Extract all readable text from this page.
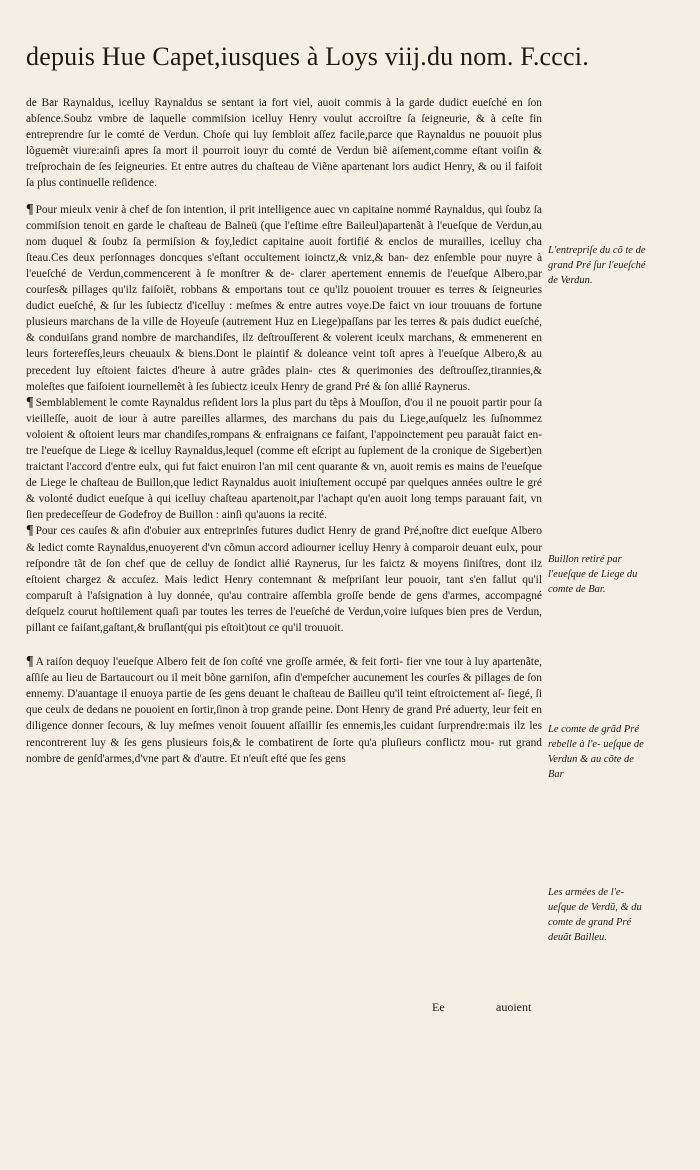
depuis Hue Capet,iusques à Loys viij.du nom. F.ccci.

de Bar Raynaldus, icelluy Raynaldus se sentant ia fort viel, auoit commis à la garde dudict eueſché en ſon abſence.Soubz vmbre de laquelle commiſsion icelluy Henry voulut accroiſtre ſa ſeigneurie, & à ceſte fin entreprendre ſur le comté de Verdun. Choſe qui luy ſembloit aſſez facile,parce que Raynaldus ne pouuoit plus lõguemẽt viure:ainſi apres ſa mort il pourroit iouyr du comté de Verdun biẽ aiſement,comme eſtant voiſin & treſprochain de ſes ſeigneuries. Et entre autres du chaſteau de Viẽne apartenant lors audict Henry, & ou il faiſoit ſa plus continuelle reſidence.

¶ Pour mieulx venir à chef de ſon intention, il prit intelligence auec vn capitaine nommé Raynaldus, qui ſoubz ſa commiſsion tenoit en garde le chaſteau de Balneü (que l'eſtime eſtre Baileul)apartenãt à l'eueſque de Verdun,au nom duquel & ſoubz ſa permiſsion & foy,ledict capitaine auoit fortifié & enclos de murailles, icelluy cha ſteau.Ces deux perſonnages doncques s'eſtant occultement ioinctz,& vniz,& ban- dez enſemble pour nuyre à l'eueſché de Verdun,commencerent à ſe monſtrer & de- clarer apertement ennemis de l'eueſque Albero,par courſes& pillages qu'ilz faiſoiẽt, robbans & emportans tout ce qu'ilz pouoient trouuer es terres & ſeigneuries dudict eueſché, & ſur les ſubiectz d'icelluy : meſmes & entre autres voye.De faict vn iour trouuans de fortune plusieurs marchans de la ville de Hoyeuſe (autrement Huz en Liege)paſſans par les terres & pais dudict eueſché, & conduiſans grand nombre de marchandiſes, ilz deſtrouſſerent & volerent iceulx marchans, & emmenerent en leurs forterefſes,leurs cheuaulx & biens.Dont le plaintif & doleance veint toſt apres à l'eueſque Albero,& au precedent luy eſtoient faictes d'heure à autre grãdes plain- ctes & querimonies des deſtrouſſez,tirannies,& moleſtes que faiſoient iournellemẽt à ſes ſubiectz iceulx Henry de grand Pré & ſon allié Raynerus.

¶ Semblablement le comte Raynaldus reſident lors la plus part du tẽps à Mouſſon, d'ou il ne pouoit partir pour ſa vieilleſſe, auoit de iour à autre pareilles allarmes, des marchans du pais du Liege,auſquelz les ſuſnommez voloient & oſtoient leurs mar chandiſes,rompans & enfraignans ce faiſant, l'appoinctement peu parauãt faict en- tre l'eueſque de Liege & icelluy Raynaldus,lequel (comme eſt eſcript au ſuplement de la cronique de Sigebert)en traictant l'accord d'entre eulx, qui fut faict enuiron l'an mil cent quarante & vn, auoit remis es mains de l'eueſque de Liege le chaſteau de Buillon,que ledict Raynaldus auoit iniuſtement occupé par quelques années oultre le gré & volonté dudict eueſque à qui icelluy chaſteau apartenoit,par l'achapt qu'en auoit long temps parauant fait, vn ſien predeceſſeur de Godefroy de Buillon : ainſi qu'auons ia recité.

¶ Pour ces cauſes & afin d'obuier aux entreprinſes futures dudict Henry de grand Pré,noſtre dict eueſque Albero & ledict comte Raynaldus,enuoyerent d'vn cõmun accord adiourner icelluy Henry à comparoir deuant eulx, pour reſpondre tãt de ſon chef que de celluy de ſondict allié Raynerus, ſur les faictz & moyens ſiniſtres, dont ilz eſtoient chargez & accuſez. Mais ledict Henry contemnant & meſpriſant leur pouoir, tant s'en fallut qu'il comparuſt à l'aſsignation à luy donnée, qu'au contraire aſſembla groſſe bende de gens d'armes, accompagné deſquelz courut hoſtilement quaſi par toutes les terres de l'eueſché de Verdun,voire iuſques bien pres de Verdun, pillant ce faiſant,gaſtant,& bruſlant(qui pis eſtoit)tout ce qu'il trouuoit.

¶ A raiſon dequoy l'eueſque Albero feit de ſon coſté vne groſſe armée, & feit forti- fier vne tour à luy apartenãte, aſſiſe au lieu de Bartaucourt ou il meit bõne garniſon, afin d'empeſcher aucunement les courſes & pillages de ſon ennemy. D'auantage il enuoya partie de ſes gens deuant le chaſteau de Bailleu qu'il teint eſtroictement aſ- ſiegé, ſi que ceulx de dedans ne pouoient en ſortir,ſinon à trop grande peine. Dont Henry de grand Pré aduerty, leur feit en diligence donner ſecours, & luy meſmes venoit ſouuent aſſaillir ſes ennemis,les cuidant ſurprendre:mais ilz les rencontrerent luy & ſes gens plusieurs fois,& le combatirent de ſorte qu'a pluſieurs conflictz mou- rut grand nombre de genſd'armes,d'vne part & d'autre. Et n'euſt eſté que ſes gens

L'entrepriſe du cõ te de grand Pré ſur l'eueſché de Verdun.
Buillon retiré par l'eueſque de Liege du comte de Bar.
Le comte de grãd Pré rebelle à l'e- ueſque de Verdun & au cõte de Bar
Les armées de l'e- ueſque de Verdũ, & du comte de grand Pré deuãt Bailleu.
Ee	auoient
